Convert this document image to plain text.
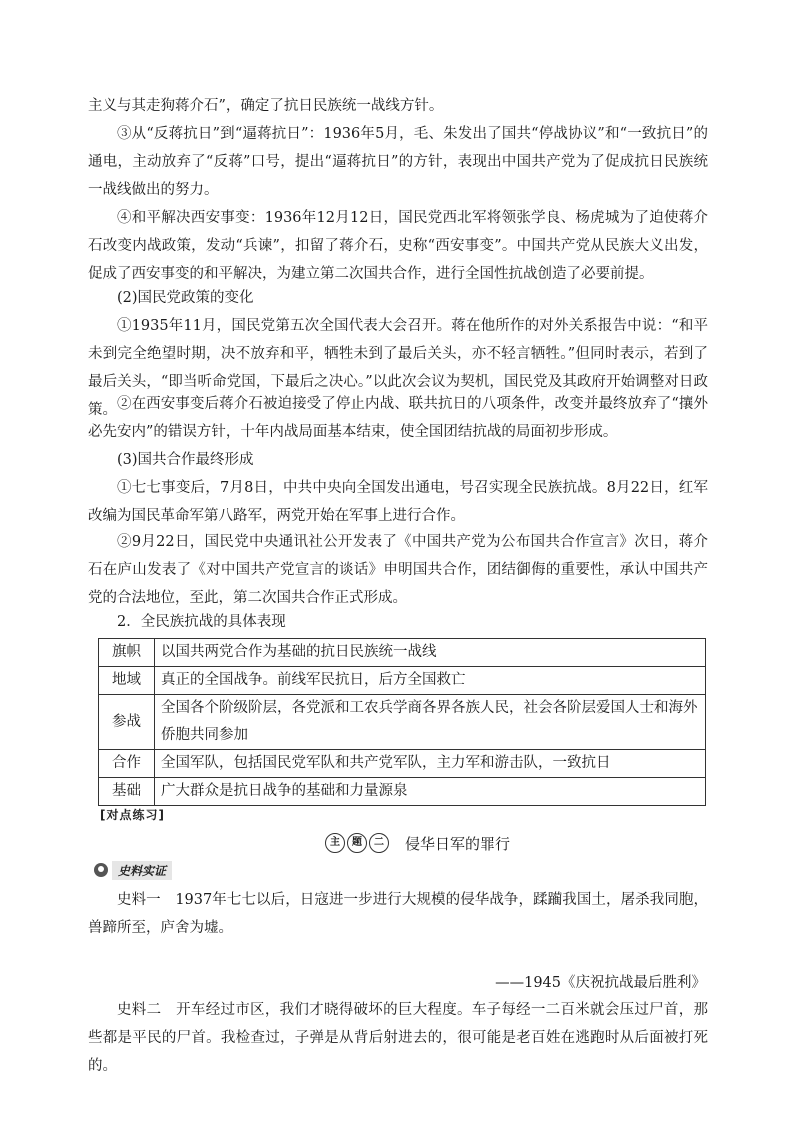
主义与其走狗蒋介石”，确定了抗日民族统一战线方针。

③从“反蒋抗日”到“逼蒋抗日”：1936年5月，毛、朱发出了国共“停战协议”和“一致抗日”的通电，主动放弃了“反蒋”口号，提出“逼蒋抗日”的方针，表现出中国共产党为了促成抗日民族统一战线做出的努力。

④和平解决西安事变：1936年12月12日，国民党西北军将领张学良、杨虎城为了迫使蒋介石改变内战政策，发动“兵谏”，扣留了蒋介石，史称“西安事变”。中国共产党从民族大义出发，促成了西安事变的和平解决，为建立第二次国共合作，进行全国性抗战创造了必要前提。

(2)国民党政策的变化

①1935年11月，国民党第五次全国代表大会召开。蒋在他所作的对外关系报告中说：“和平未到完全绝望时期，决不放弃和平，牺牲未到了最后关头，亦不轻言牺牲。”但同时表示，若到了最后关头，“即当听命党国，下最后之决心。”以此次会议为契机，国民党及其政府开始调整对日政策。 ②在西安事变后蒋介石被迫接受了停止内战、联共抗日的八项条件，改变并最终放弃了“攘外必先安内”的错误方针，十年内战局面基本结束，使全国团结抗战的局面初步形成。

(3)国共合作最终形成

①七七事变后，7月8日，中共中央向全国发出通电，号召实现全民族抗战。8月22日，红军改编为国民革命军第八路军，两党开始在军事上进行合作。

②9月22日，国民党中央通讯社公开发表了《中国共产党为公布国共合作宣言》次日，蒋介石在庐山发表了《对中国共产党宣言的谈话》申明国共合作，团结御侮的重要性，承认中国共产党的合法地位，至此，第二次国共合作正式形成。

2．全民族抗战的具体表现

旗帜	以国共两党合作为基础的抗日民族统一战线
地域	真正的全国战争。前线军民抗日，后方全国救亡
参战	全国各个阶级阶层，各党派和工农兵学商各界各族人民，社会各阶层爱国人士和海外侨胞共同参加
合作	全国军队，包括国民党军队和共产党军队，主力军和游击队，一致抗日
基础	广大群众是抗日战争的基础和力量源泉
[对点练习]
主	题	二	侵华日军的罪行
史料实证

史料一　1937年七七以后，日寇进一步进行大规模的侵华战争，蹂躏我国土，屠杀我同胞，兽蹄所至，庐舍为墟。

——1945《庆祝抗战最后胜利》

史料二　开车经过市区，我们才晓得破坏的巨大程度。车子每经一二百米就会压过尸首，那些都是平民的尸首。我检查过，子弹是从背后射进去的，很可能是老百姓在逃跑时从后面被打死的。
